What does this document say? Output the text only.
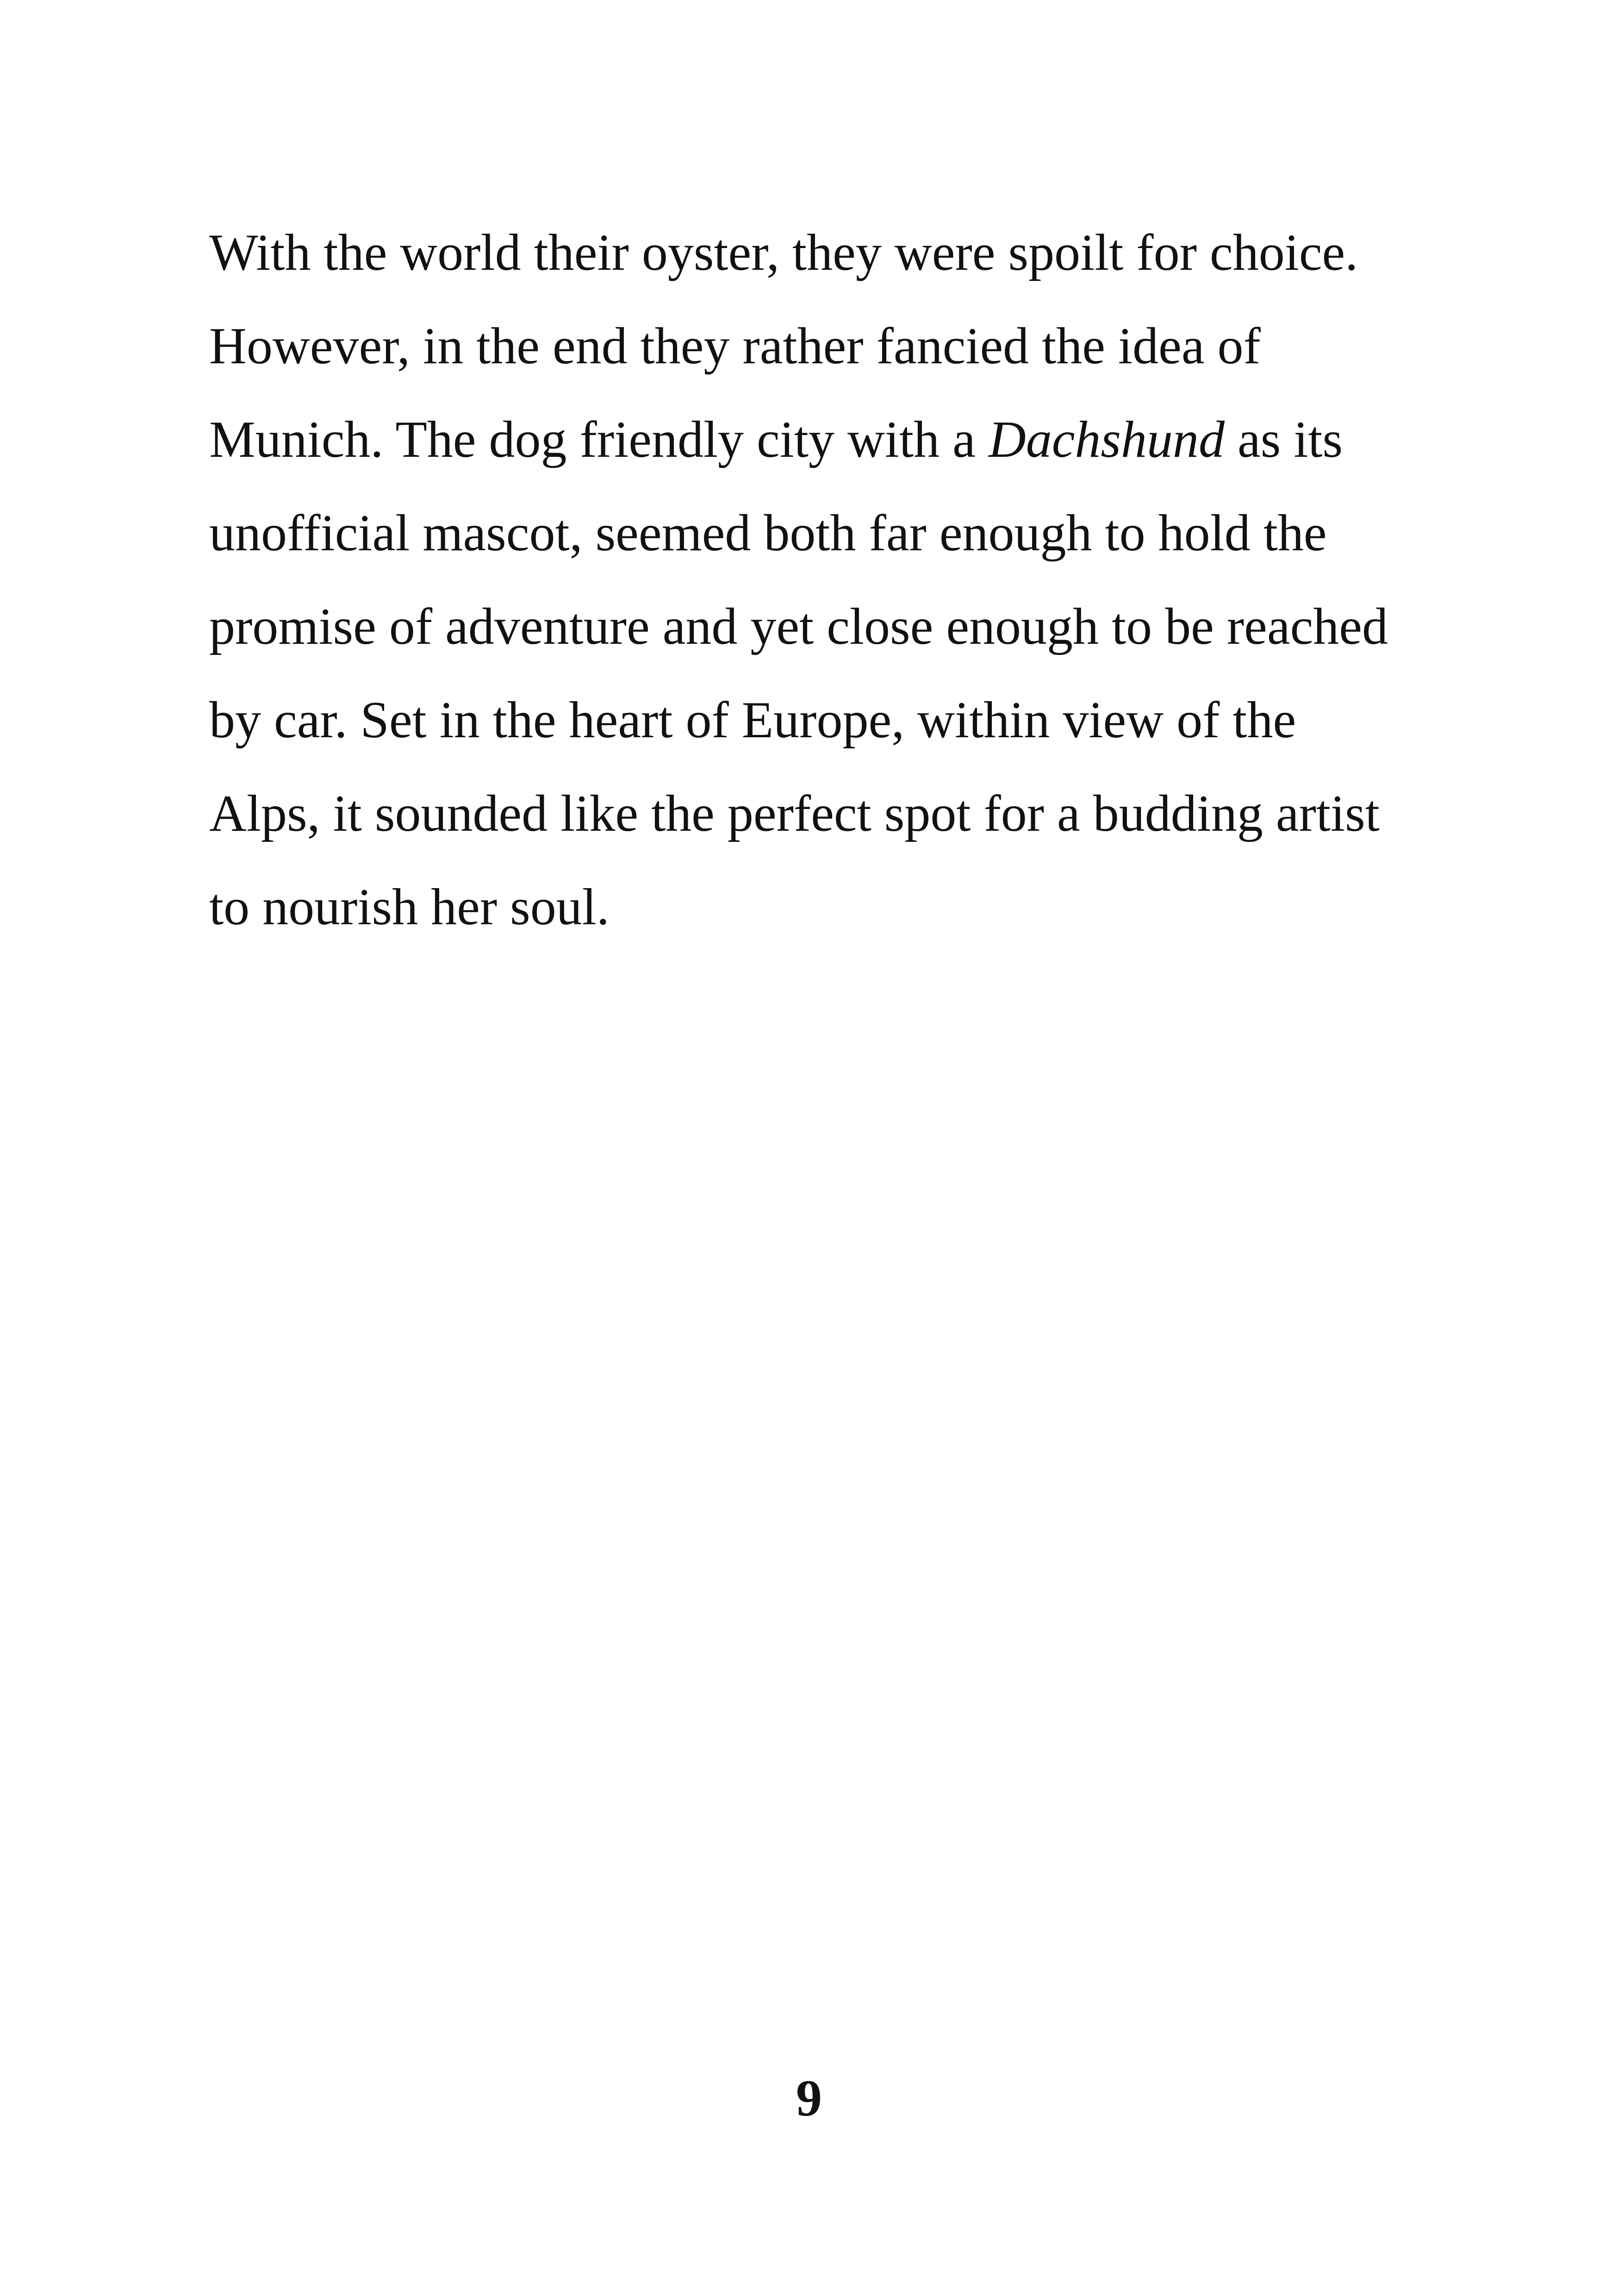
With the world their oyster, they were spoilt for choice.
However, in the end they rather fancied the idea of
Munich. The dog friendly city with a Dachshund as its
unofficial mascot, seemed both far enough to hold the
promise of adventure and yet close enough to be reached
by car. Set in the heart of Europe, within view of the
Alps, it sounded like the perfect spot for a budding artist
to nourish her soul.

9
